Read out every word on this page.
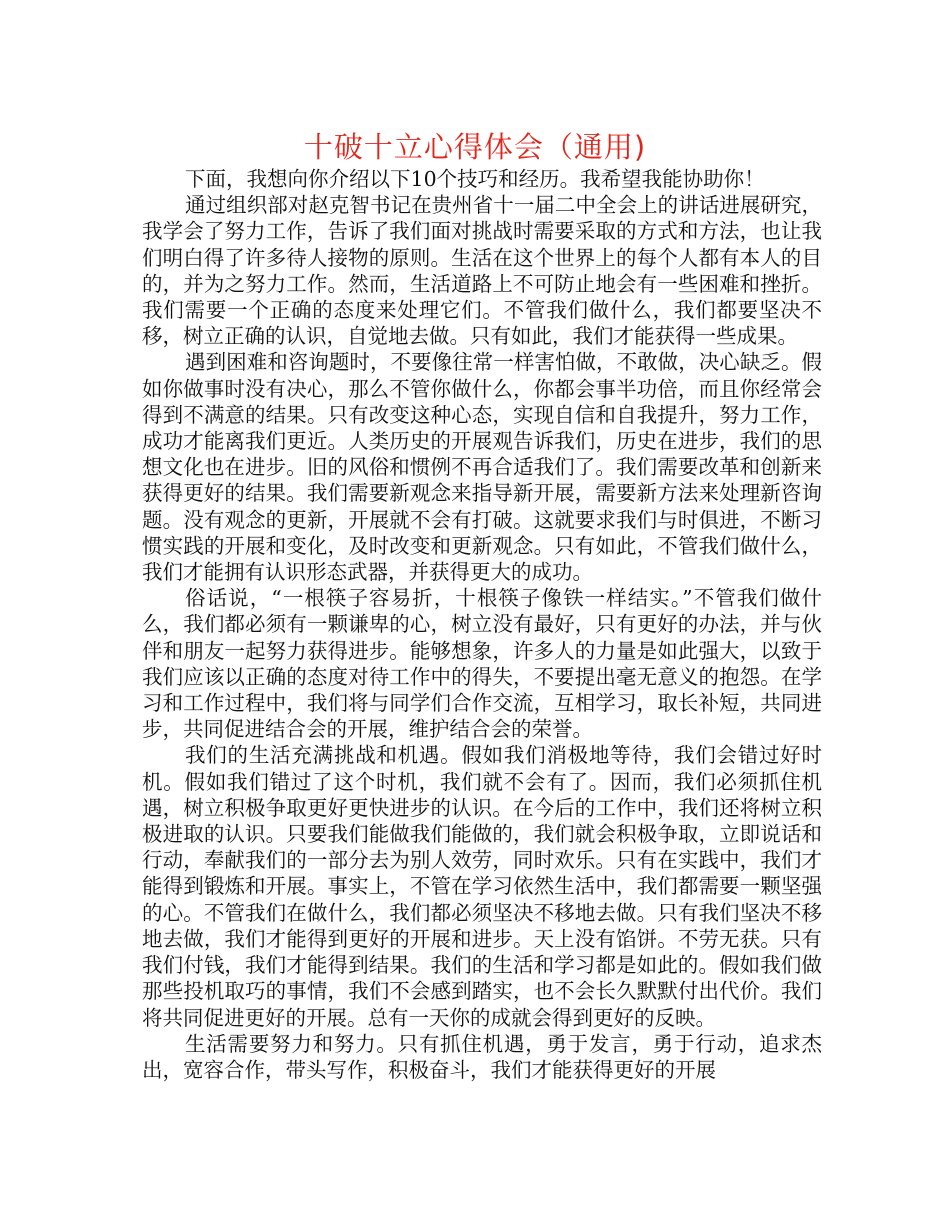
十破十立心得体会（通用)

下面，我想向你介绍以下10个技巧和经历。我希望我能协助你！

通过组织部对赵克智书记在贵州省十一届二中全会上的讲话进展研究，我学会了努力工作，告诉了我们面对挑战时需要采取的方式和方法，也让我们明白得了许多待人接物的原则。生活在这个世界上的每个人都有本人的目的，并为之努力工作。然而，生活道路上不可防止地会有一些困难和挫折。我们需要一个正确的态度来处理它们。不管我们做什么，我们都要坚决不移，树立正确的认识，自觉地去做。只有如此，我们才能获得一些成果。

遇到困难和咨询题时，不要像往常一样害怕做，不敢做，决心缺乏。假如你做事时没有决心，那么不管你做什么，你都会事半功倍，而且你经常会得到不满意的结果。只有改变这种心态，实现自信和自我提升，努力工作，成功才能离我们更近。人类历史的开展观告诉我们，历史在进步，我们的思想文化也在进步。旧的风俗和惯例不再合适我们了。我们需要改革和创新来获得更好的结果。我们需要新观念来指导新开展，需要新方法来处理新咨询题。没有观念的更新，开展就不会有打破。这就要求我们与时俱进，不断习惯实践的开展和变化，及时改变和更新观念。只有如此，不管我们做什么，我们才能拥有认识形态武器，并获得更大的成功。

俗话说，“一根筷子容易折，十根筷子像铁一样结实。”不管我们做什么，我们都必须有一颗谦卑的心，树立没有最好，只有更好的办法，并与伙伴和朋友一起努力获得进步。能够想象，许多人的力量是如此强大，以致于我们应该以正确的态度对待工作中的得失，不要提出毫无意义的抱怨。在学习和工作过程中，我们将与同学们合作交流，互相学习，取长补短，共同进步，共同促进结合会的开展，维护结合会的荣誉。

我们的生活充满挑战和机遇。假如我们消极地等待，我们会错过好时机。假如我们错过了这个时机，我们就不会有了。因而，我们必须抓住机遇，树立积极争取更好更快进步的认识。在今后的工作中，我们还将树立积极进取的认识。只要我们能做我们能做的，我们就会积极争取，立即说话和行动，奉献我们的一部分去为别人效劳，同时欢乐。只有在实践中，我们才能得到锻炼和开展。事实上，不管在学习依然生活中，我们都需要一颗坚强的心。不管我们在做什么，我们都必须坚决不移地去做。只有我们坚决不移地去做，我们才能得到更好的开展和进步。天上没有馅饼。不劳无获。只有我们付钱，我们才能得到结果。我们的生活和学习都是如此的。假如我们做那些投机取巧的事情，我们不会感到踏实，也不会长久默默付出代价。我们将共同促进更好的开展。总有一天你的成就会得到更好的反映。

生活需要努力和努力。只有抓住机遇，勇于发言，勇于行动，追求杰出，宽容合作，带头写作，积极奋斗，我们才能获得更好的开展
